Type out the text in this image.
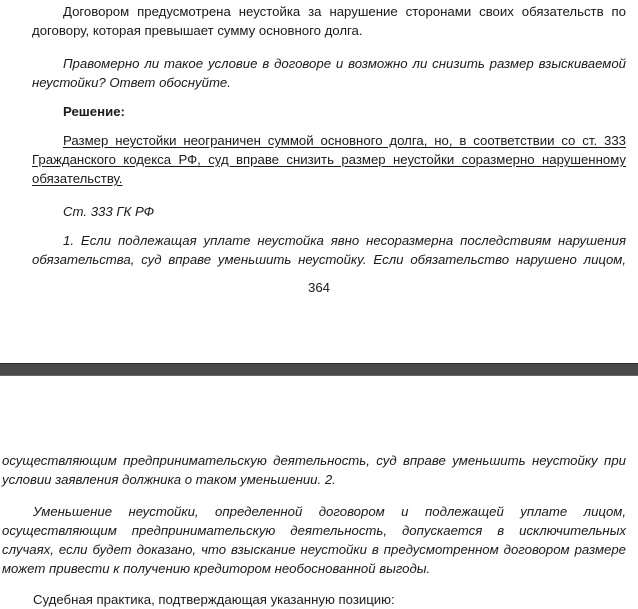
Договором предусмотрена неустойка за нарушение сторонами своих обязательств по
договору, которая превышает сумму основного долга.
Правомерно ли такое условие в договоре и возможно ли снизить размер взыскиваемой
неустойки? Ответ обоснуйте.
Решение:
Размер неустойки неограничен суммой основного долга, но, в соответствии со ст. 333
Гражданского кодекса РФ, суд вправе снизить размер неустойки соразмерно нарушенному
обязательству.
Ст. 333 ГК РФ
1. Если подлежащая уплате неустойка явно несоразмерна последствиям нарушения
обязательства, суд вправе уменьшить неустойку. Если обязательство нарушено лицом,
364
осуществляющим предпринимательскую деятельность, суд вправе уменьшить неустойку при
условии заявления должника о таком уменьшении. 2.
Уменьшение неустойки, определенной договором и подлежащей уплате лицом,
осуществляющим предпринимательскую деятельность, допускается в исключительных
случаях, если будет доказано, что взыскание неустойки в предусмотренном договором размере
может привести к получению кредитором необоснованной выгоды.
Судебная практика, подтверждающая указанную позицию:
